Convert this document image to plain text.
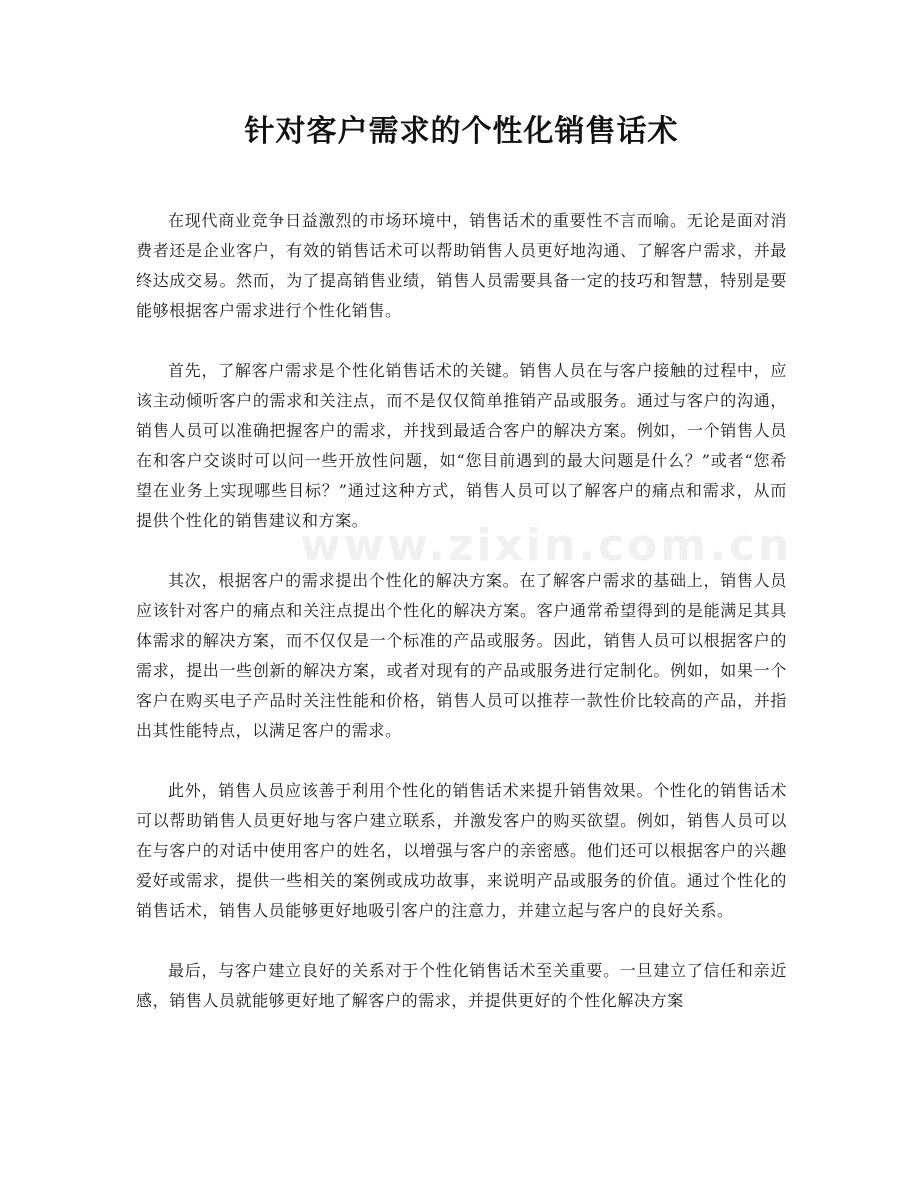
针对客户需求的个性化销售话术

在现代商业竞争日益激烈的市场环境中，销售话术的重要性不言而喻。无论是面对消费者还是企业客户，有效的销售话术可以帮助销售人员更好地沟通、了解客户需求，并最终达成交易。然而，为了提高销售业绩，销售人员需要具备一定的技巧和智慧，特别是要能够根据客户需求进行个性化销售。

首先，了解客户需求是个性化销售话术的关键。销售人员在与客户接触的过程中，应该主动倾听客户的需求和关注点，而不是仅仅简单推销产品或服务。通过与客户的沟通，销售人员可以准确把握客户的需求，并找到最适合客户的解决方案。例如，一个销售人员在和客户交谈时可以问一些开放性问题，如“您目前遇到的最大问题是什么？”或者“您希望在业务上实现哪些目标？”通过这种方式，销售人员可以了解客户的痛点和需求，从而提供个性化的销售建议和方案。

其次，根据客户的需求提出个性化的解决方案。在了解客户需求的基础上，销售人员应该针对客户的痛点和关注点提出个性化的解决方案。客户通常希望得到的是能满足其具体需求的解决方案，而不仅仅是一个标准的产品或服务。因此，销售人员可以根据客户的需求，提出一些创新的解决方案，或者对现有的产品或服务进行定制化。例如，如果一个客户在购买电子产品时关注性能和价格，销售人员可以推荐一款性价比较高的产品，并指出其性能特点，以满足客户的需求。

此外，销售人员应该善于利用个性化的销售话术来提升销售效果。个性化的销售话术可以帮助销售人员更好地与客户建立联系，并激发客户的购买欲望。例如，销售人员可以在与客户的对话中使用客户的姓名，以增强与客户的亲密感。他们还可以根据客户的兴趣爱好或需求，提供一些相关的案例或成功故事，来说明产品或服务的价值。通过个性化的销售话术，销售人员能够更好地吸引客户的注意力，并建立起与客户的良好关系。

最后，与客户建立良好的关系对于个性化销售话术至关重要。一旦建立了信任和亲近感，销售人员就能够更好地了解客户的需求，并提供更好的个性化解决方案

www.zixin.com.cn
